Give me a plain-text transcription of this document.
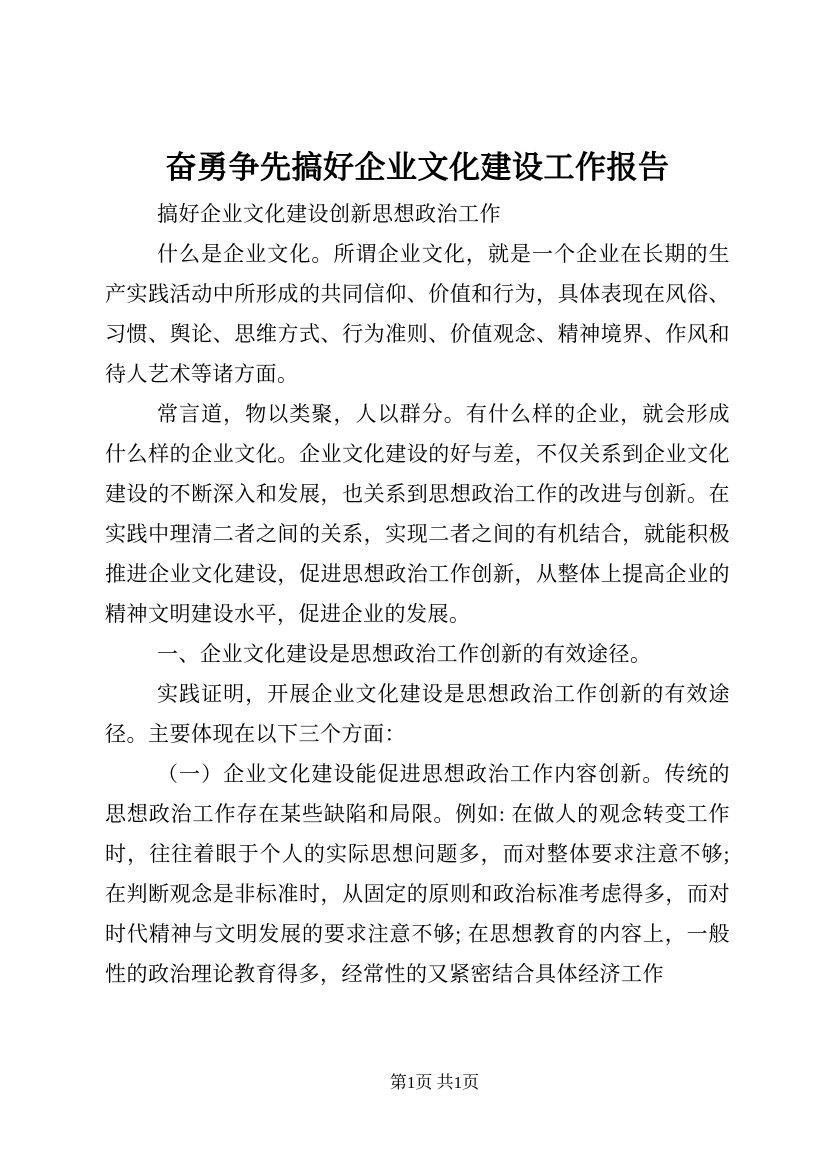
奋勇争先搞好企业文化建设工作报告

搞好企业文化建设创新思想政治工作

什么是企业文化。所谓企业文化，就是一个企业在长期的生产实践活动中所形成的共同信仰、价值和行为，具体表现在风俗、习惯、舆论、思维方式、行为准则、价值观念、精神境界、作风和待人艺术等诸方面。

常言道，物以类聚，人以群分。有什么样的企业，就会形成什么样的企业文化。企业文化建设的好与差，不仅关系到企业文化建设的不断深入和发展，也关系到思想政治工作的改进与创新。在实践中理清二者之间的关系，实现二者之间的有机结合，就能积极推进企业文化建设，促进思想政治工作创新，从整体上提高企业的精神文明建设水平，促进企业的发展。

一、企业文化建设是思想政治工作创新的有效途径。

实践证明，开展企业文化建设是思想政治工作创新的有效途径。主要体现在以下三个方面：

（一）企业文化建设能促进思想政治工作内容创新。传统的思想政治工作存在某些缺陷和局限。例如: 在做人的观念转变工作时，往往着眼于个人的实际思想问题多，而对整体要求注意不够; 在判断观念是非标准时，从固定的原则和政治标准考虑得多，而对时代精神与文明发展的要求注意不够; 在思想教育的内容上，一般性的政治理论教育得多，经常性的又紧密结合具体经济工作

第1页 共1页
